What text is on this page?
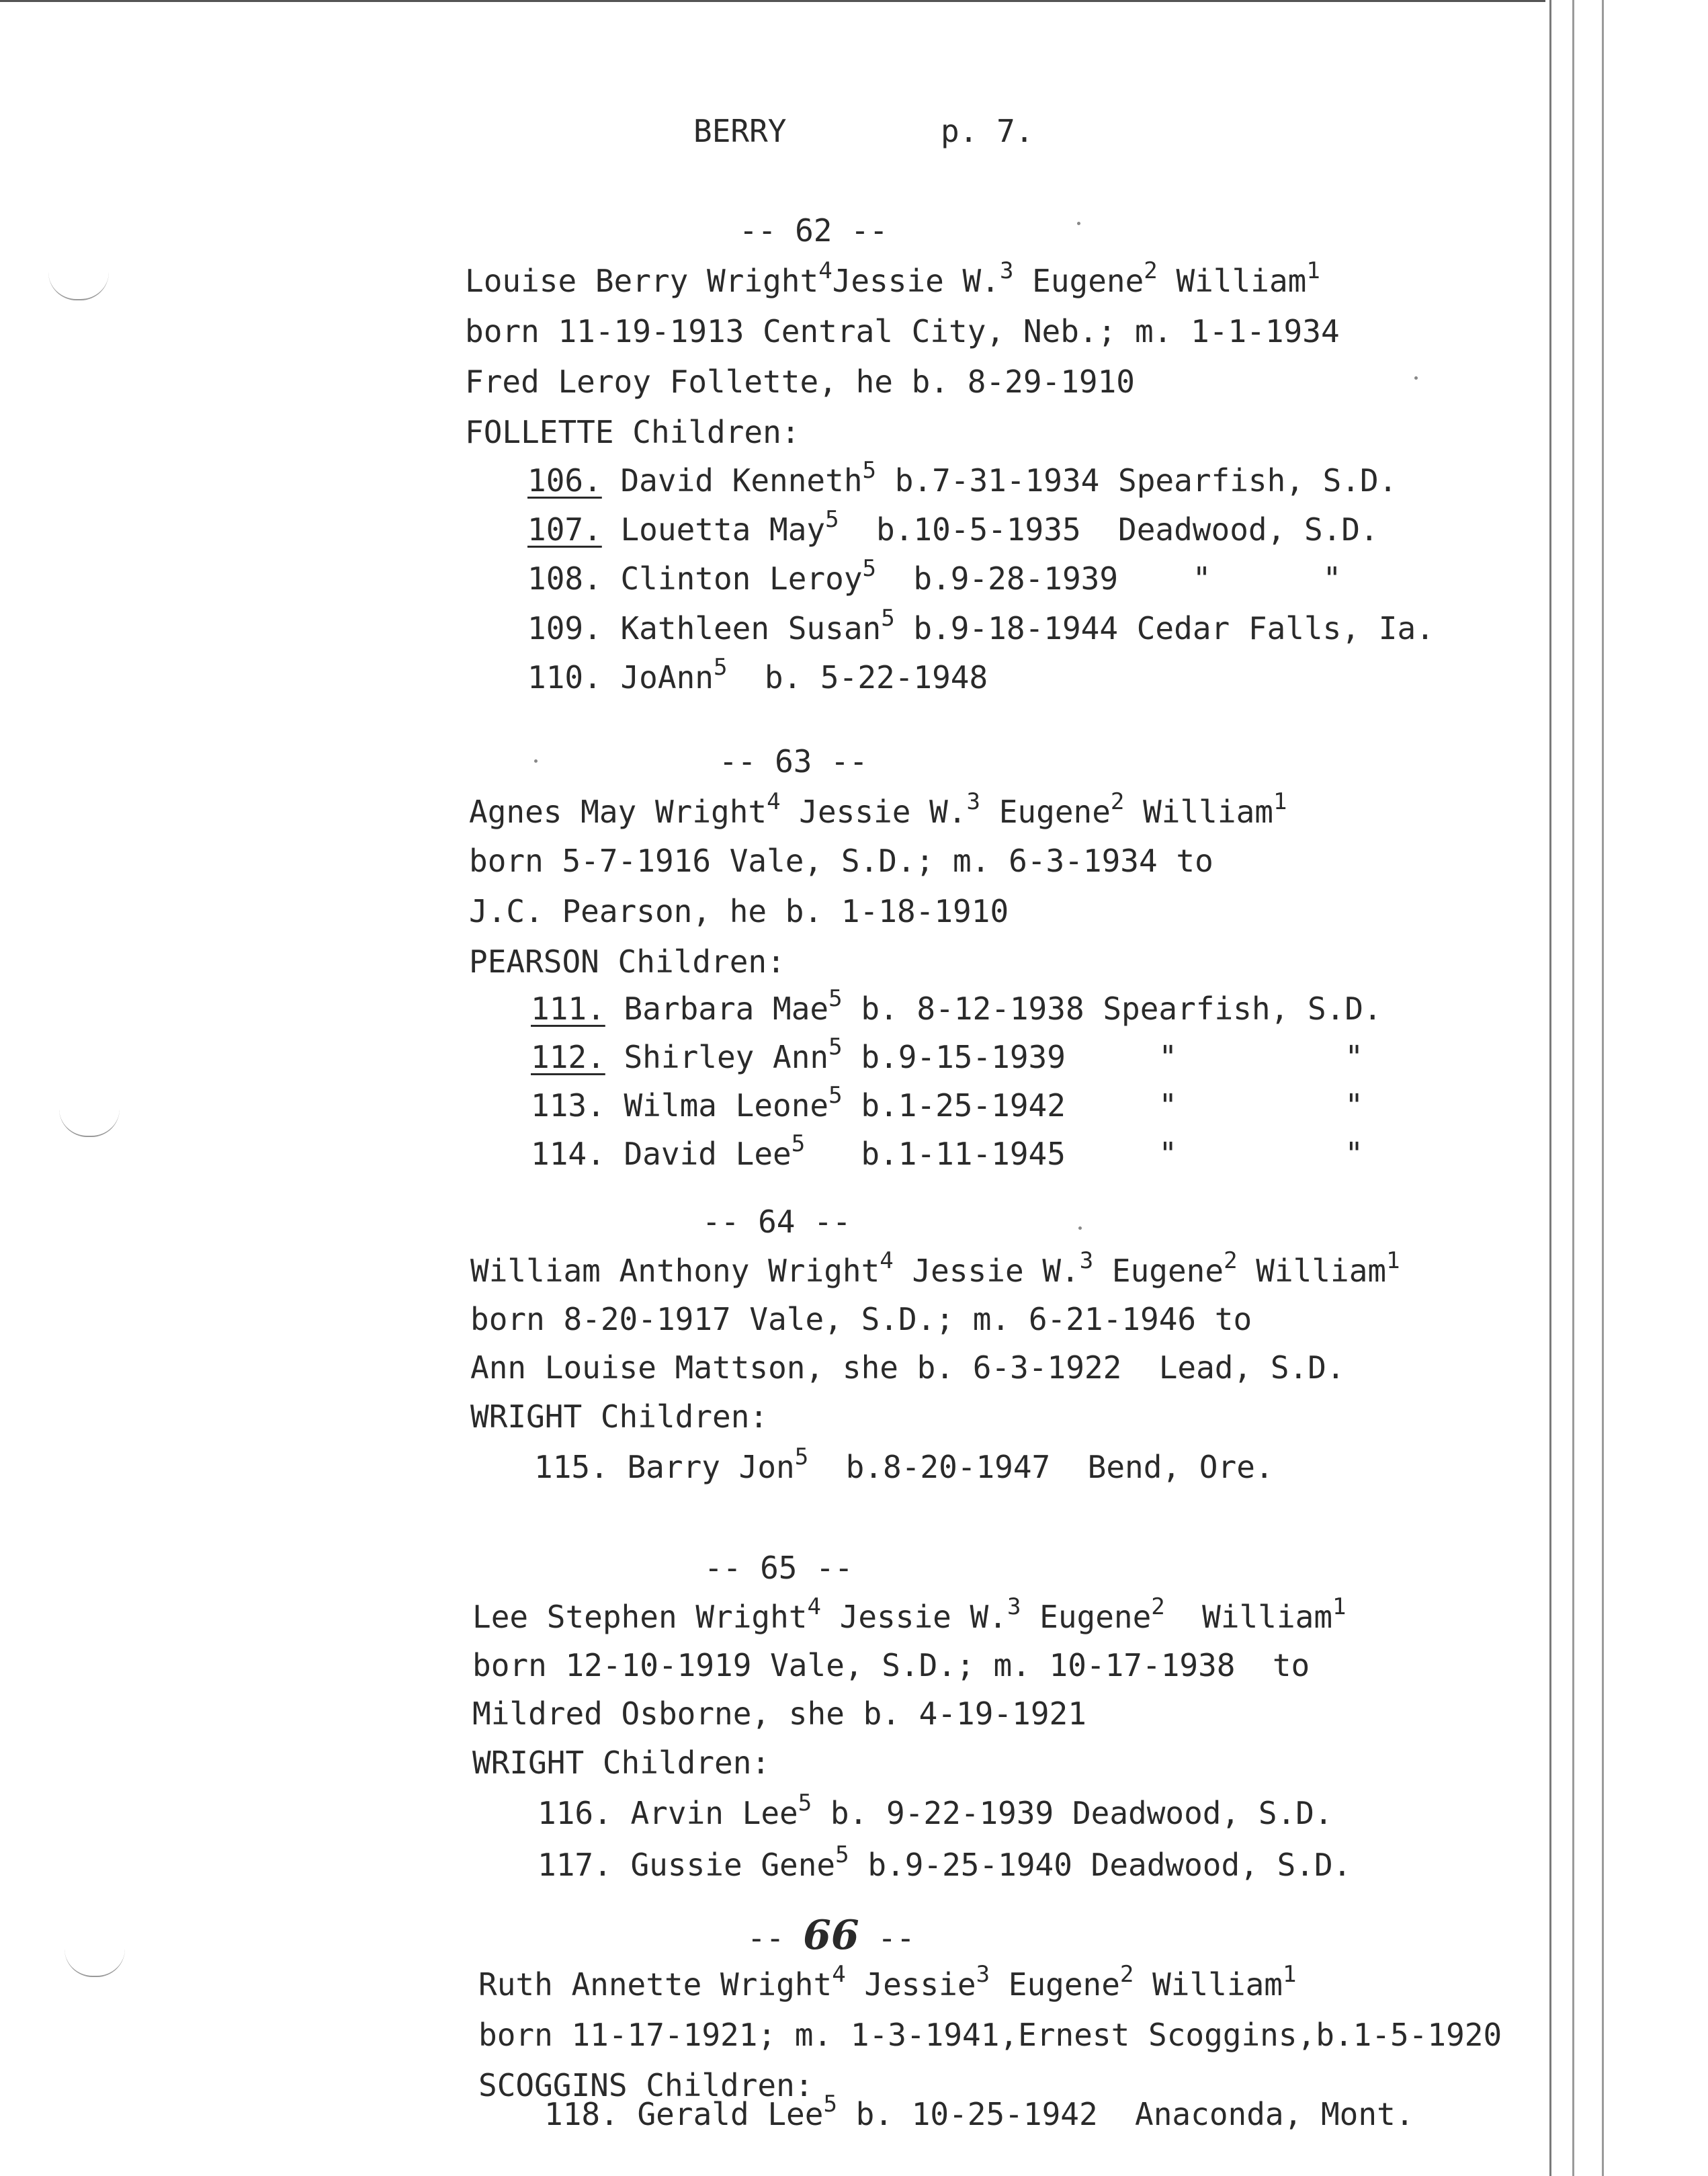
BERRY	p. 7.
-- 62 --
Louise Berry Wright$^4$Jessie W.$^3$ Eugene$^2$ William$^1$
born 11-19-1913 Central City, Neb.; m. 1-1-1934
Fred Leroy Follette, he b. 8-29-1910
FOLLETTE Children:
106. David Kenneth$^5$ b.7-31-1934 Spearfish, S.D.
107. Louetta May$^5$ b.10-5-1935  Deadwood, S.D.
108. Clinton Leroy$^5$ b.9-28-1939    "      "
109. Kathleen Susan$^5$ b.9-18-1944 Cedar Falls, Ia.
110. JoAnn$^5$ b. 5-22-1948
-- 63 --
Agnes May Wright$^4$ Jessie W.$^3$ Eugene$^2$ William$^1$
born 5-7-1916 Vale, S.D.; m. 6-3-1934 to
J.C. Pearson, he b. 1-18-1910
PEARSON Children:
111. Barbara Mae$^5$ b. 8-12-1938 Spearfish, S.D.
112. Shirley Ann$^5$ b.9-15-1939     "         "
113. Wilma Leone$^5$ b.1-25-1942     "         "
114. David Lee$^5$ b.1-11-1945     "         "
-- 64 --
William Anthony Wright$^4$ Jessie W.$^3$ Eugene$^2$ William$^1$
born 8-20-1917 Vale, S.D.; m. 6-21-1946 to
Ann Louise Mattson, she b. 6-3-1922  Lead, S.D.
WRIGHT Children:
115. Barry Jon$^5$ b.8-20-1947  Bend, Ore.
-- 65 --
Lee Stephen Wright$^4$ Jessie W.$^3$ Eugene$^2$ William$^1$
born 12-10-1919 Vale, S.D.; m. 10-17-1938  to
Mildred Osborne, she b. 4-19-1921
WRIGHT Children:
116. Arvin Lee$^5$ b. 9-22-1939 Deadwood, S.D.
117. Gussie Gene$^5$ b.9-25-1940 Deadwood, S.D.
-- 66 --
Ruth Annette Wright$^4$ Jessie$^3$ Eugene$^2$ William$^1$
born 11-17-1921; m. 1-3-1941,Ernest Scoggins,b.1-5-1920
SCOGGINS Children:
118. Gerald Lee$^5$ b. 10-25-1942  Anaconda, Mont.
